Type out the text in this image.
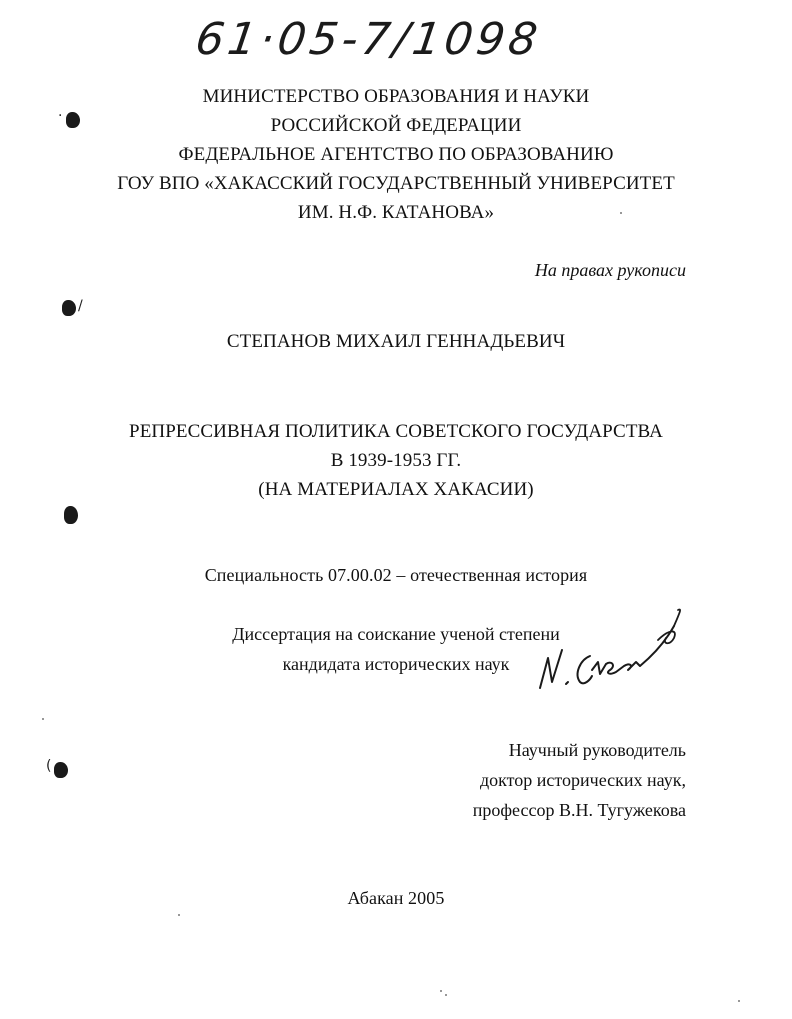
61·05-7/1098
МИНИСТЕРСТВО ОБРАЗОВАНИЯ И НАУКИ
РОССИЙСКОЙ ФЕДЕРАЦИИ
ФЕДЕРАЛЬНОЕ АГЕНТСТВО ПО ОБРАЗОВАНИЮ
ГОУ ВПО «ХАКАССКИЙ ГОСУДАРСТВЕННЫЙ УНИВЕРСИТЕТ
ИМ. Н.Ф. КАТАНОВА»
На правах рукописи
СТЕПАНОВ МИХАИЛ ГЕННАДЬЕВИЧ
РЕПРЕССИВНАЯ ПОЛИТИКА СОВЕТСКОГО ГОСУДАРСТВА
В 1939-1953 ГГ.
(НА МАТЕРИАЛАХ ХАКАСИИ)
Специальность 07.00.02 – отечественная история
Диссертация на соискание ученой степени
кандидата исторических наук
Научный руководитель
доктор исторических наук,
профессор В.Н. Тугужекова
Абакан 2005
·
/
(
